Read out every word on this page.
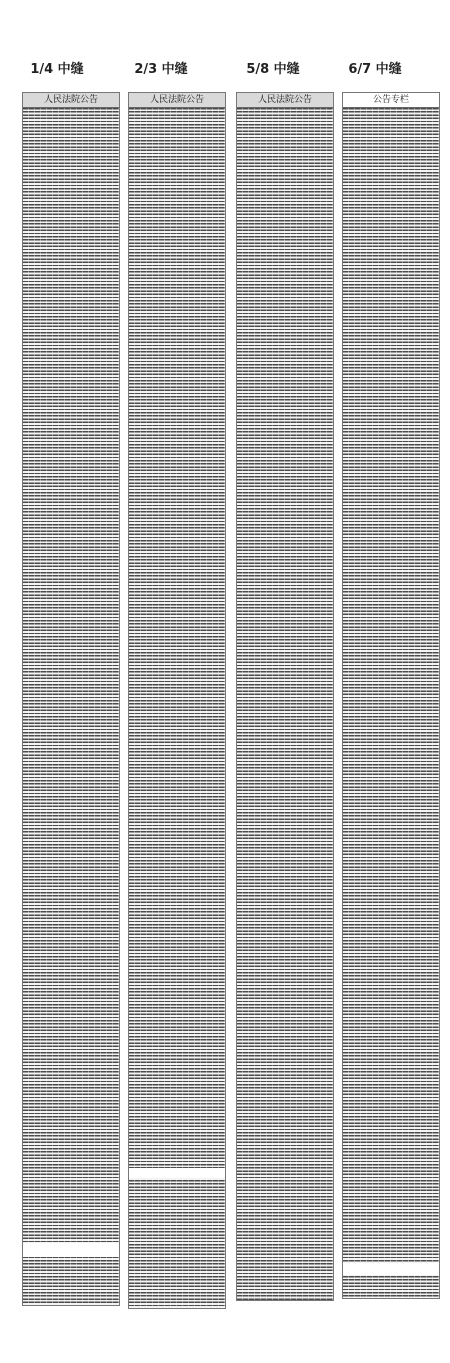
1/4 中缝	2/3 中缝	5/8 中缝	6/7 中缝
人民法院公告	人民法院公告	人民法院公告	公告专栏
